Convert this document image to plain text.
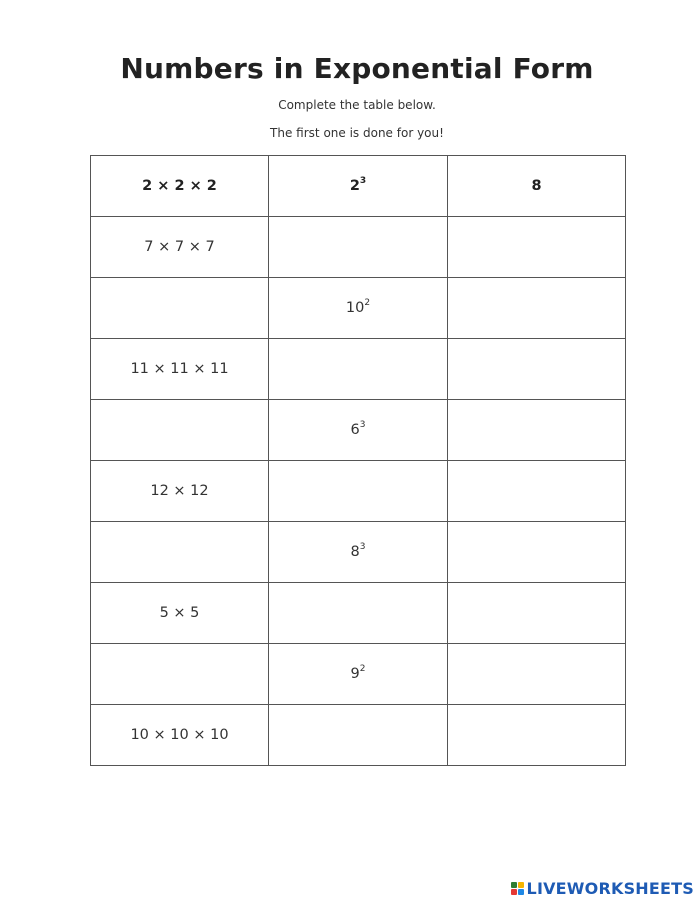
Numbers in Exponential Form
Complete the table below.
The first one is done for you!
2 × 2 × 2	$2^3$	8
7 × 7 × 7		
	$10^2$	
11 × 11 × 11		
	$6^3$	
12 × 12		
	$8^3$	
5 × 5		
	$9^2$	
10 × 10 × 10		
LIVEWORKSHEETS
